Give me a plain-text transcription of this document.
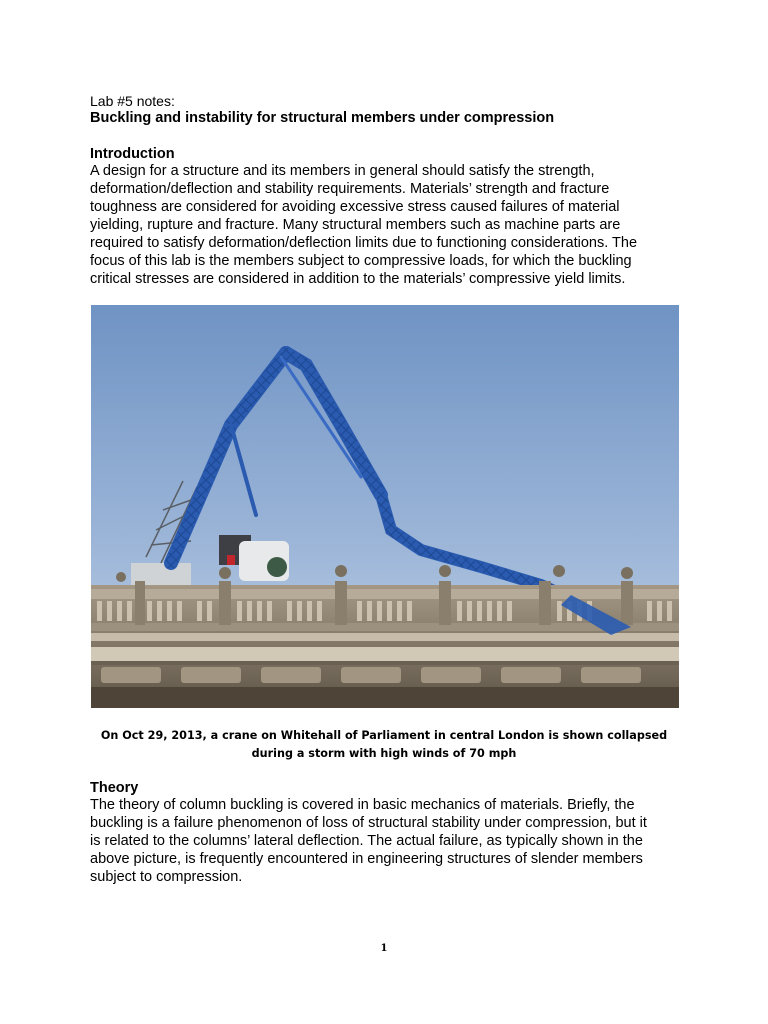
Lab #5 notes:
Buckling and instability for structural members under compression
Introduction
A design for a structure and its members in general should satisfy the strength,
deformation/deflection and stability requirements. Materials’ strength and fracture
toughness are considered for avoiding excessive stress caused failures of material
yielding, rupture and fracture. Many structural members such as machine parts are
required to satisfy deformation/deflection limits due to functioning considerations. The
focus of this lab is the members subject to compressive loads, for which the buckling
critical stresses are considered in addition to the materials’ compressive yield limits.
On Oct 29, 2013, a crane on Whitehall of Parliament in central London is shown collapsed
during a storm with high winds of 70 mph
Theory
The theory of column buckling is covered in basic mechanics of materials. Briefly, the
buckling is a failure phenomenon of loss of structural stability under compression, but it
is related to the columns’ lateral deflection. The actual failure, as typically shown in the
above picture, is frequently encountered in engineering structures of slender members
subject to compression.
1
